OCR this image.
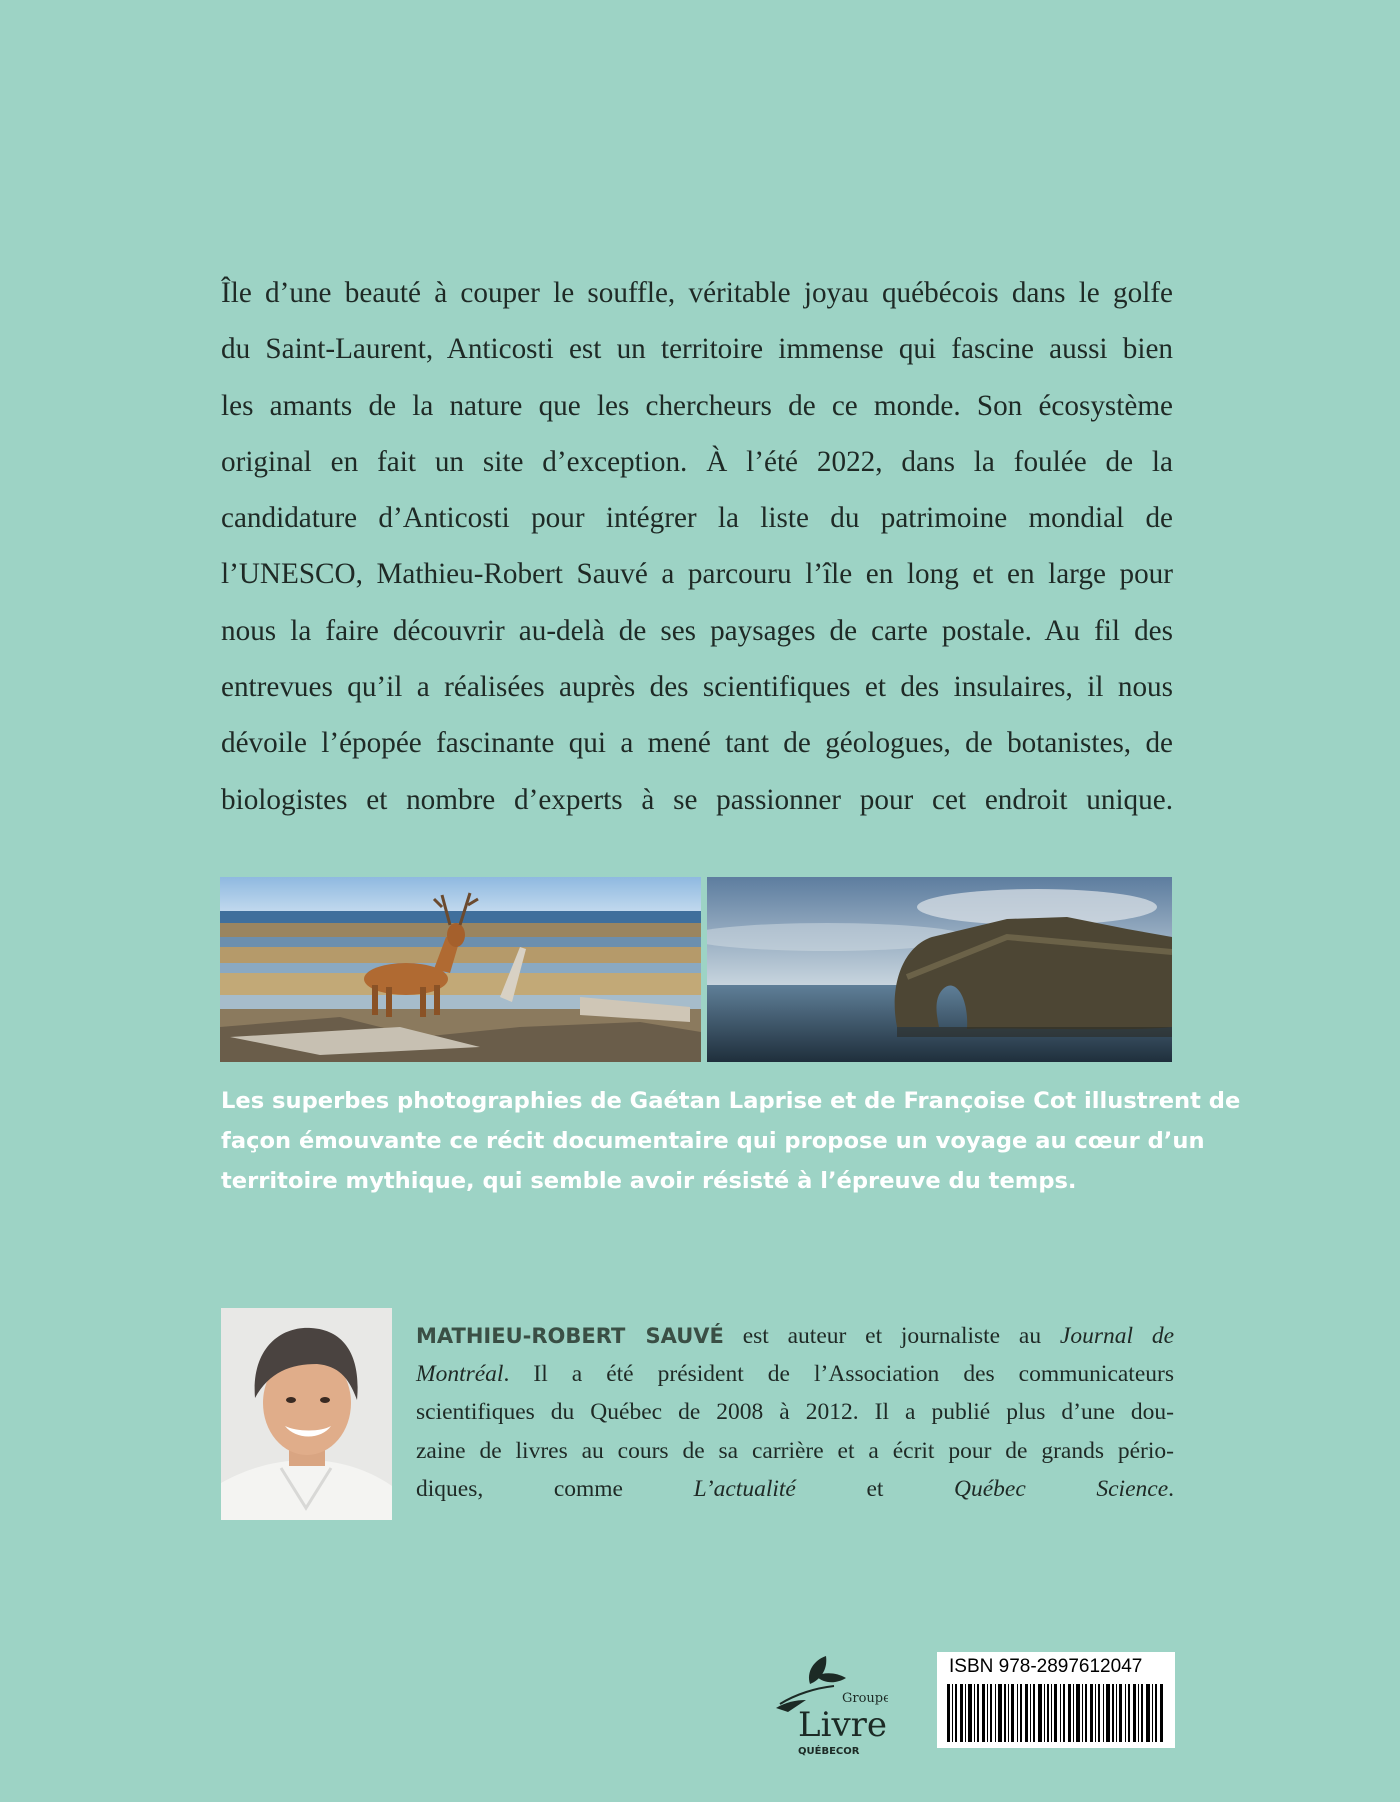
Île d’une beauté à couper le souffle, véritable joyau québécois dans le golfe
du Saint-Laurent, Anticosti est un territoire immense qui fascine aussi bien
les amants de la nature que les chercheurs de ce monde. Son écosystème
original en fait un site d’exception. À l’été 2022, dans la foulée de la
candidature d’Anticosti pour intégrer la liste du patrimoine mondial de
l’UNESCO, Mathieu-Robert Sauvé a parcouru l’île en long et en large pour
nous la faire découvrir au-delà de ses paysages de carte postale. Au fil des
entrevues qu’il a réalisées auprès des scientifiques et des insulaires, il nous
dévoile l’épopée fascinante qui a mené tant de géologues, de botanistes, de
biologistes et nombre d’experts à se passionner pour cet endroit unique.

Les superbes photographies de Gaétan Laprise et de Françoise Cot illustrent de
façon émouvante ce récit documentaire qui propose un voyage au cœur d’un
territoire mythique, qui semble avoir résisté à l’épreuve du temps.

MATHIEU-ROBERT SAUVÉ est auteur et journaliste au Journal de
Montréal. Il a été président de l’Association des communicateurs
scientifiques du Québec de 2008 à 2012. Il a publié plus d’une dou-
zaine de livres au cours de sa carrière et a écrit pour de grands pério-
diques, comme L’actualité et Québec Science.

Groupe
Livre
QUÉBECOR
ISBN 978-2897612047
